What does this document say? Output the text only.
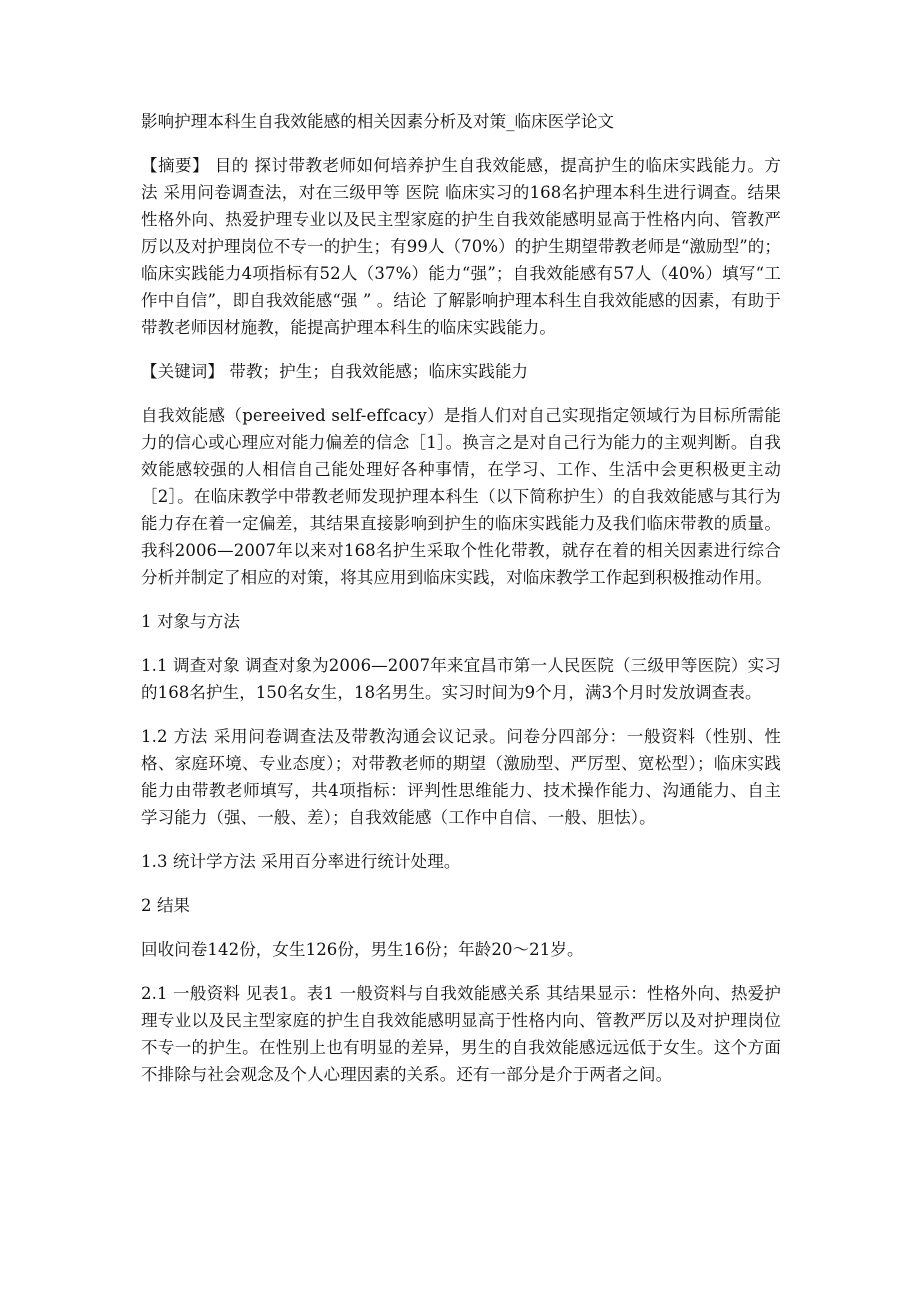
影响护理本科生自我效能感的相关因素分析及对策_临床医学论文

【摘要】 目的 探讨带教老师如何培养护生自我效能感，提高护生的临床实践能力。方法 采用问卷调查法，对在三级甲等 医院 临床实习的168名护理本科生进行调查。结果 性格外向、热爱护理专业以及民主型家庭的护生自我效能感明显高于性格内向、管教严厉以及对护理岗位不专一的护生；有99人（70%）的护生期望带教老师是“激励型”的；临床实践能力4项指标有52人（37%）能力“强”；自我效能感有57人（40%）填写“工作中自信”，即自我效能感“强 ” 。结论 了解影响护理本科生自我效能感的因素，有助于带教老师因材施教，能提高护理本科生的临床实践能力。

【关键词】 带教；护生；自我效能感；临床实践能力

自我效能感（pereeived self-effcacy）是指人们对自己实现指定领域行为目标所需能力的信心或心理应对能力偏差的信念［1］。换言之是对自己行为能力的主观判断。自我效能感较强的人相信自己能处理好各种事情，在学习、工作、生活中会更积极更主动［2］。在临床教学中带教老师发现护理本科生（以下简称护生）的自我效能感与其行为能力存在着一定偏差，其结果直接影响到护生的临床实践能力及我们临床带教的质量。我科2006—2007年以来对168名护生采取个性化带教，就存在着的相关因素进行综合分析并制定了相应的对策，将其应用到临床实践，对临床教学工作起到积极推动作用。

1 对象与方法

1.1 调查对象 调查对象为2006—2007年来宜昌市第一人民医院（三级甲等医院）实习的168名护生，150名女生，18名男生。实习时间为9个月，满3个月时发放调查表。

1.2 方法 采用问卷调查法及带教沟通会议记录。问卷分四部分：一般资料（性别、性格、家庭环境、专业态度）；对带教老师的期望（激励型、严厉型、宽松型）；临床实践能力由带教老师填写，共4项指标：评判性思维能力、技术操作能力、沟通能力、自主学习能力（强、一般、差）；自我效能感（工作中自信、一般、胆怯）。

1.3 统计学方法 采用百分率进行统计处理。

2 结果

回收问卷142份，女生126份，男生16份；年龄20～21岁。

2.1 一般资料 见表1。表1 一般资料与自我效能感关系 其结果显示：性格外向、热爱护理专业以及民主型家庭的护生自我效能感明显高于性格内向、管教严厉以及对护理岗位不专一的护生。在性别上也有明显的差异，男生的自我效能感远远低于女生。这个方面不排除与社会观念及个人心理因素的关系。还有一部分是介于两者之间。
